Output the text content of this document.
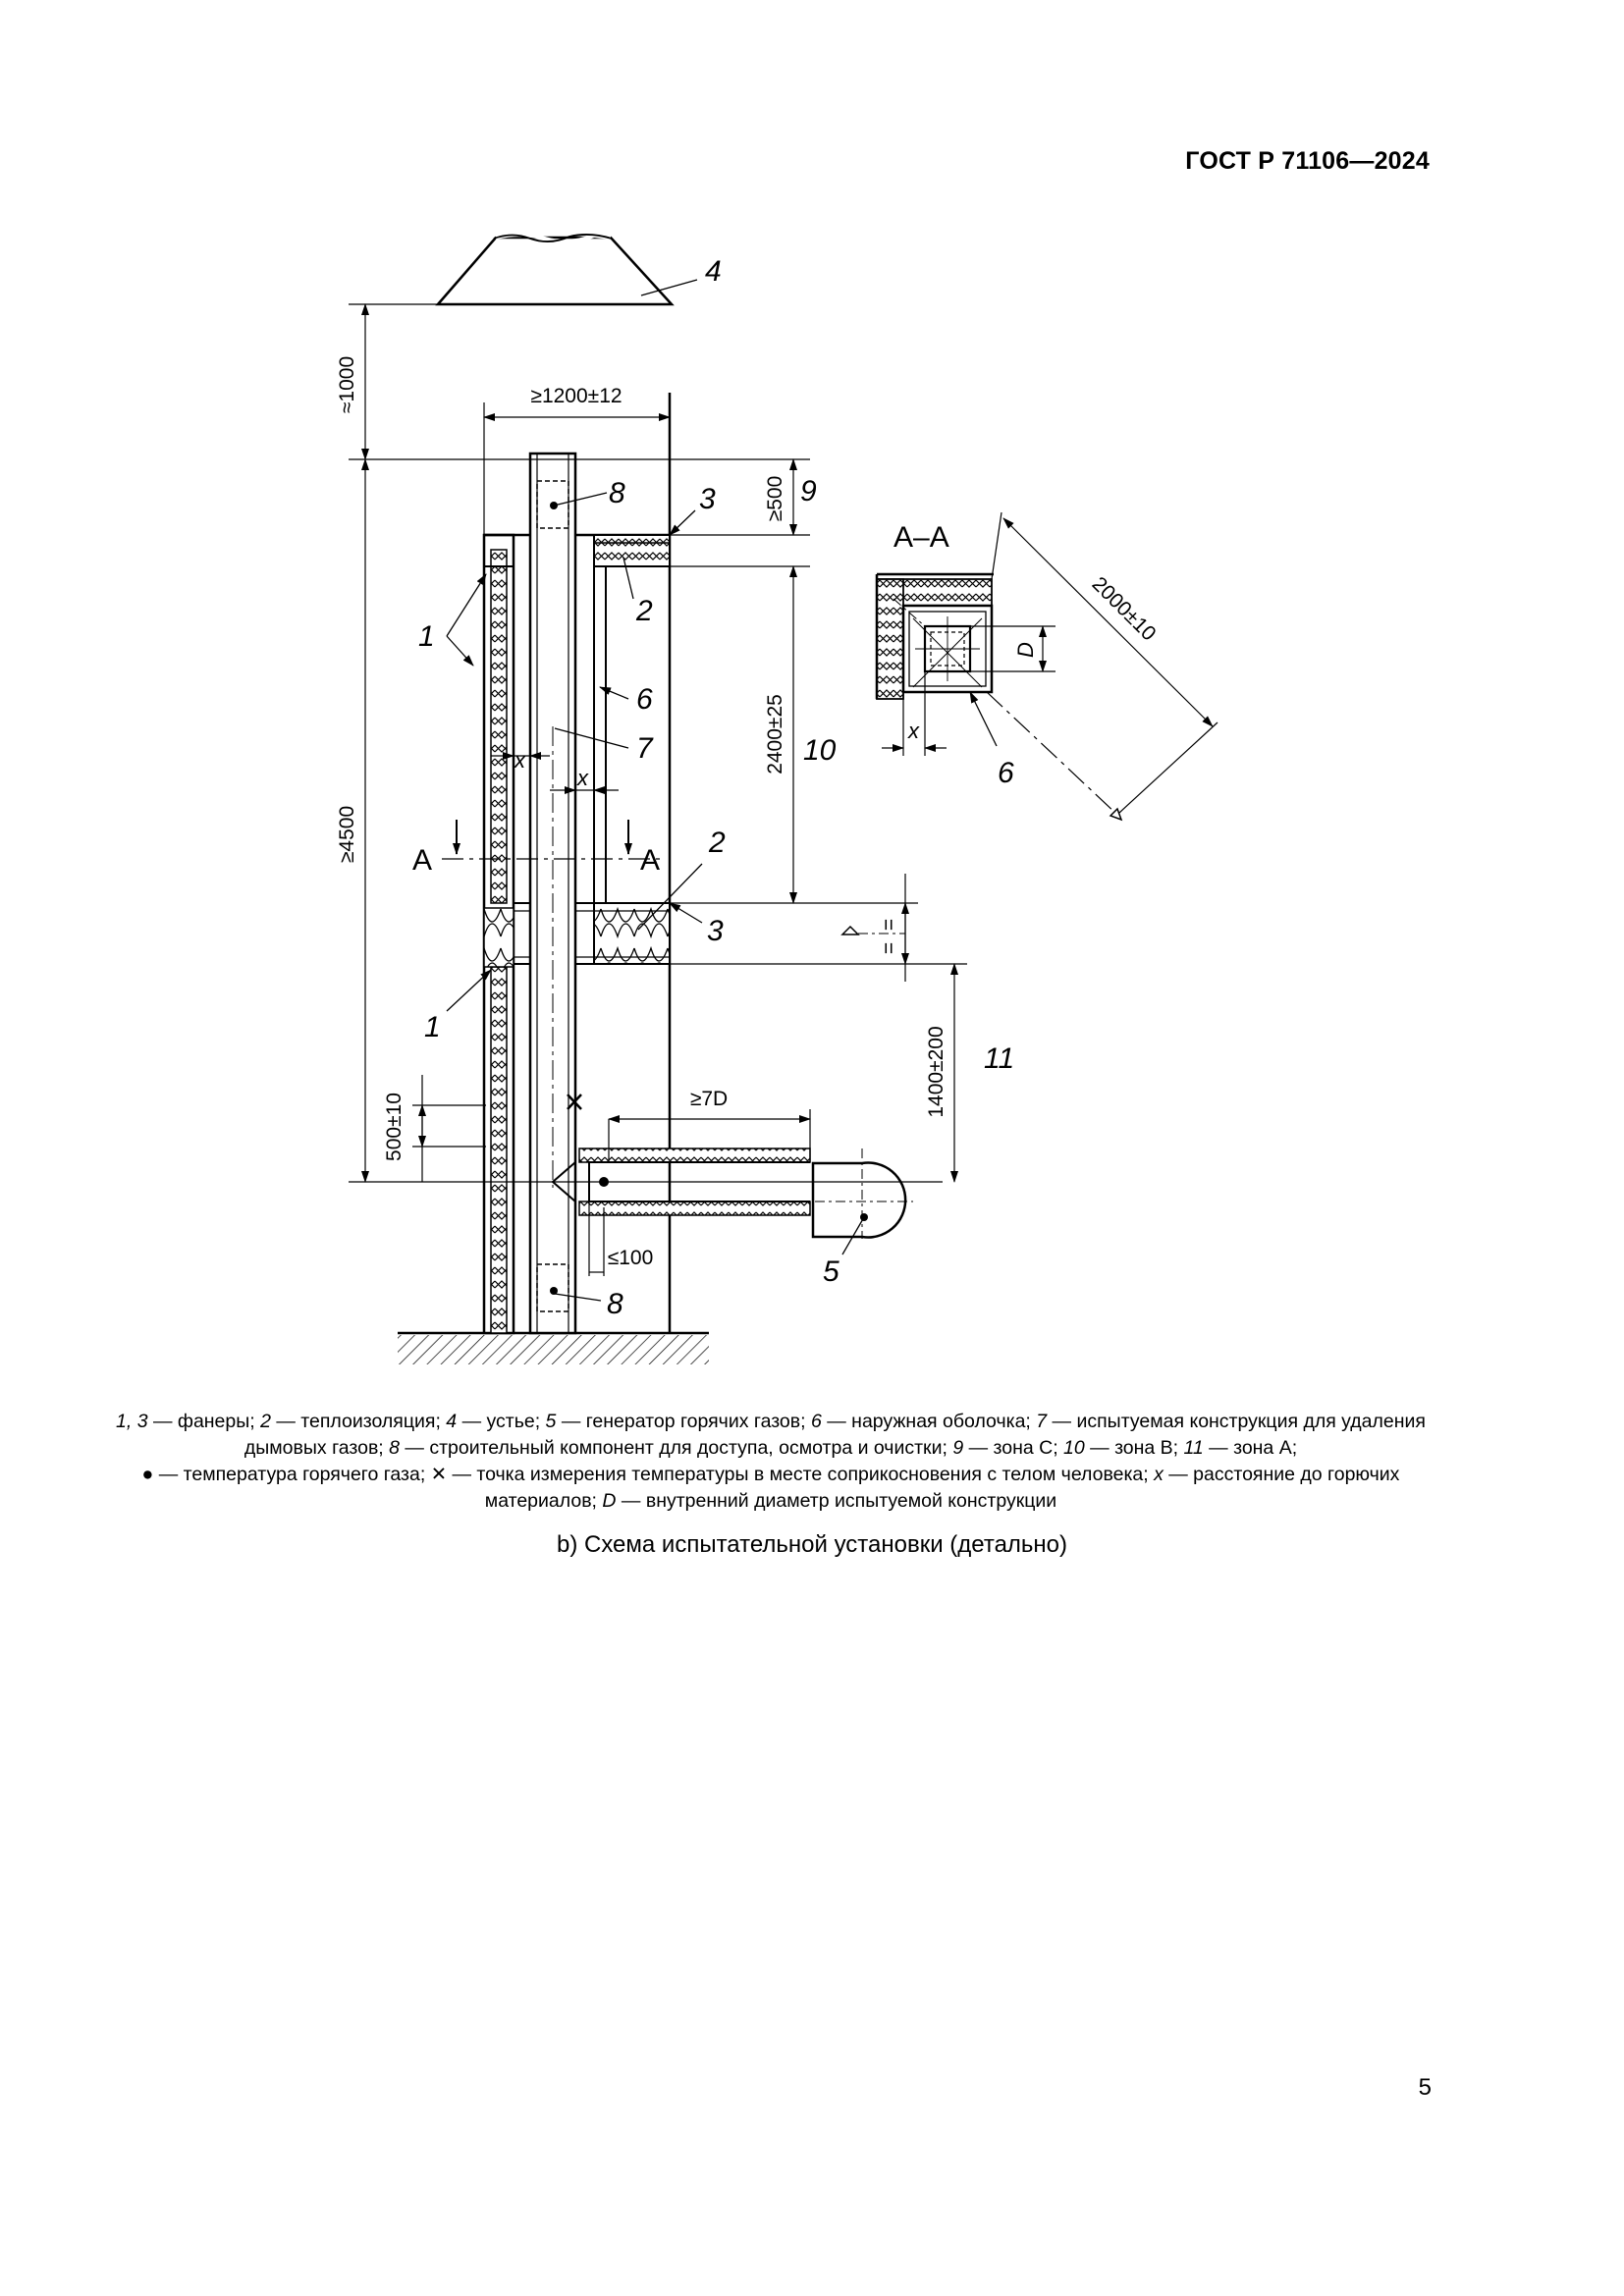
ГОСТ Р 71106—2024
А	А
x
x
≈1000
≥4500
500±10
≥1200±12
≥500
2400±25
1400±200
=
=
≥7D
≤100
4
8	3	9
2
1
6
7	10
2
3
1
11
5
8
А–А
D
x
6
2000±10
1, 3 — фанеры; 2 — теплоизоляция; 4 — устье; 5 — генератор горячих газов; 6 — наружная оболочка; 7 — испытуемая конструкция для удаления дымовых газов; 8 — строительный компонент для доступа, осмотра и очистки; 9 — зона С; 10 — зона В; 11 — зона А;
● — температура горячего газа; ✕ — точка измерения температуры в месте соприкосновения с телом человека; x — расстояние до горючих материалов; D — внутренний диаметр испытуемой конструкции
b) Схема испытательной установки (детально)
5
